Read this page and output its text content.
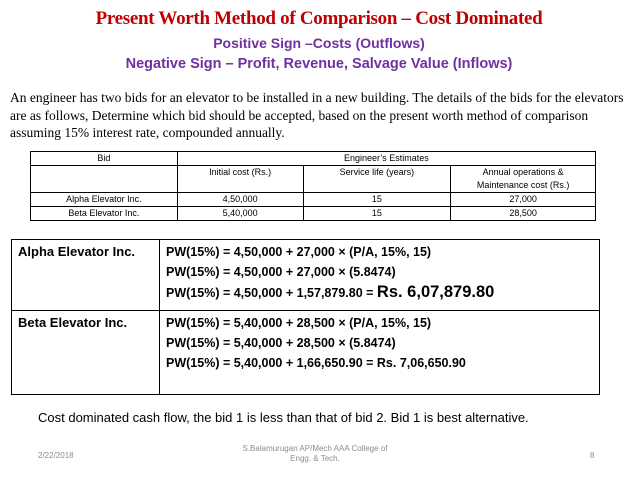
Present Worth Method of Comparison – Cost Dominated
Positive Sign –Costs (Outflows)
Negative Sign – Profit, Revenue, Salvage Value (Inflows)
An engineer has two bids for an elevator to be installed in a new building. The details of the bids for the elevators are as follows, Determine which bid should be accepted, based on the present worth method of comparison assuming 15% interest rate, compounded annually.
Bid	Engineer’s Estimates		
	Initial cost (Rs.)	Service life (years)	Annual operations &
Maintenance cost (Rs.)

Alpha Elevator Inc.	4,50,000	15	27,000
Beta Elevator Inc.	5,40,000	15	28,500
Alpha Elevator Inc.	PW(15%) = 4,50,000 + 27,000 × (P/A, 15%, 15)
PW(15%) = 4,50,000 + 27,000 × (5.8474)
PW(15%) = 4,50,000 + 1,57,879.80 = Rs. 6,07,879.80

Beta Elevator Inc.	PW(15%) = 5,40,000 + 28,500 × (P/A, 15%, 15)
PW(15%) = 5,40,000 + 28,500 × (5.8474)
PW(15%) = 5,40,000 + 1,66,650.90 = Rs. 7,06,650.90
Cost dominated cash flow, the bid 1 is less than that of bid 2. Bid 1 is best alternative.
2/22/2018
S.Balamurugan AP/Mech AAA College of
Engg. & Tech.	8
